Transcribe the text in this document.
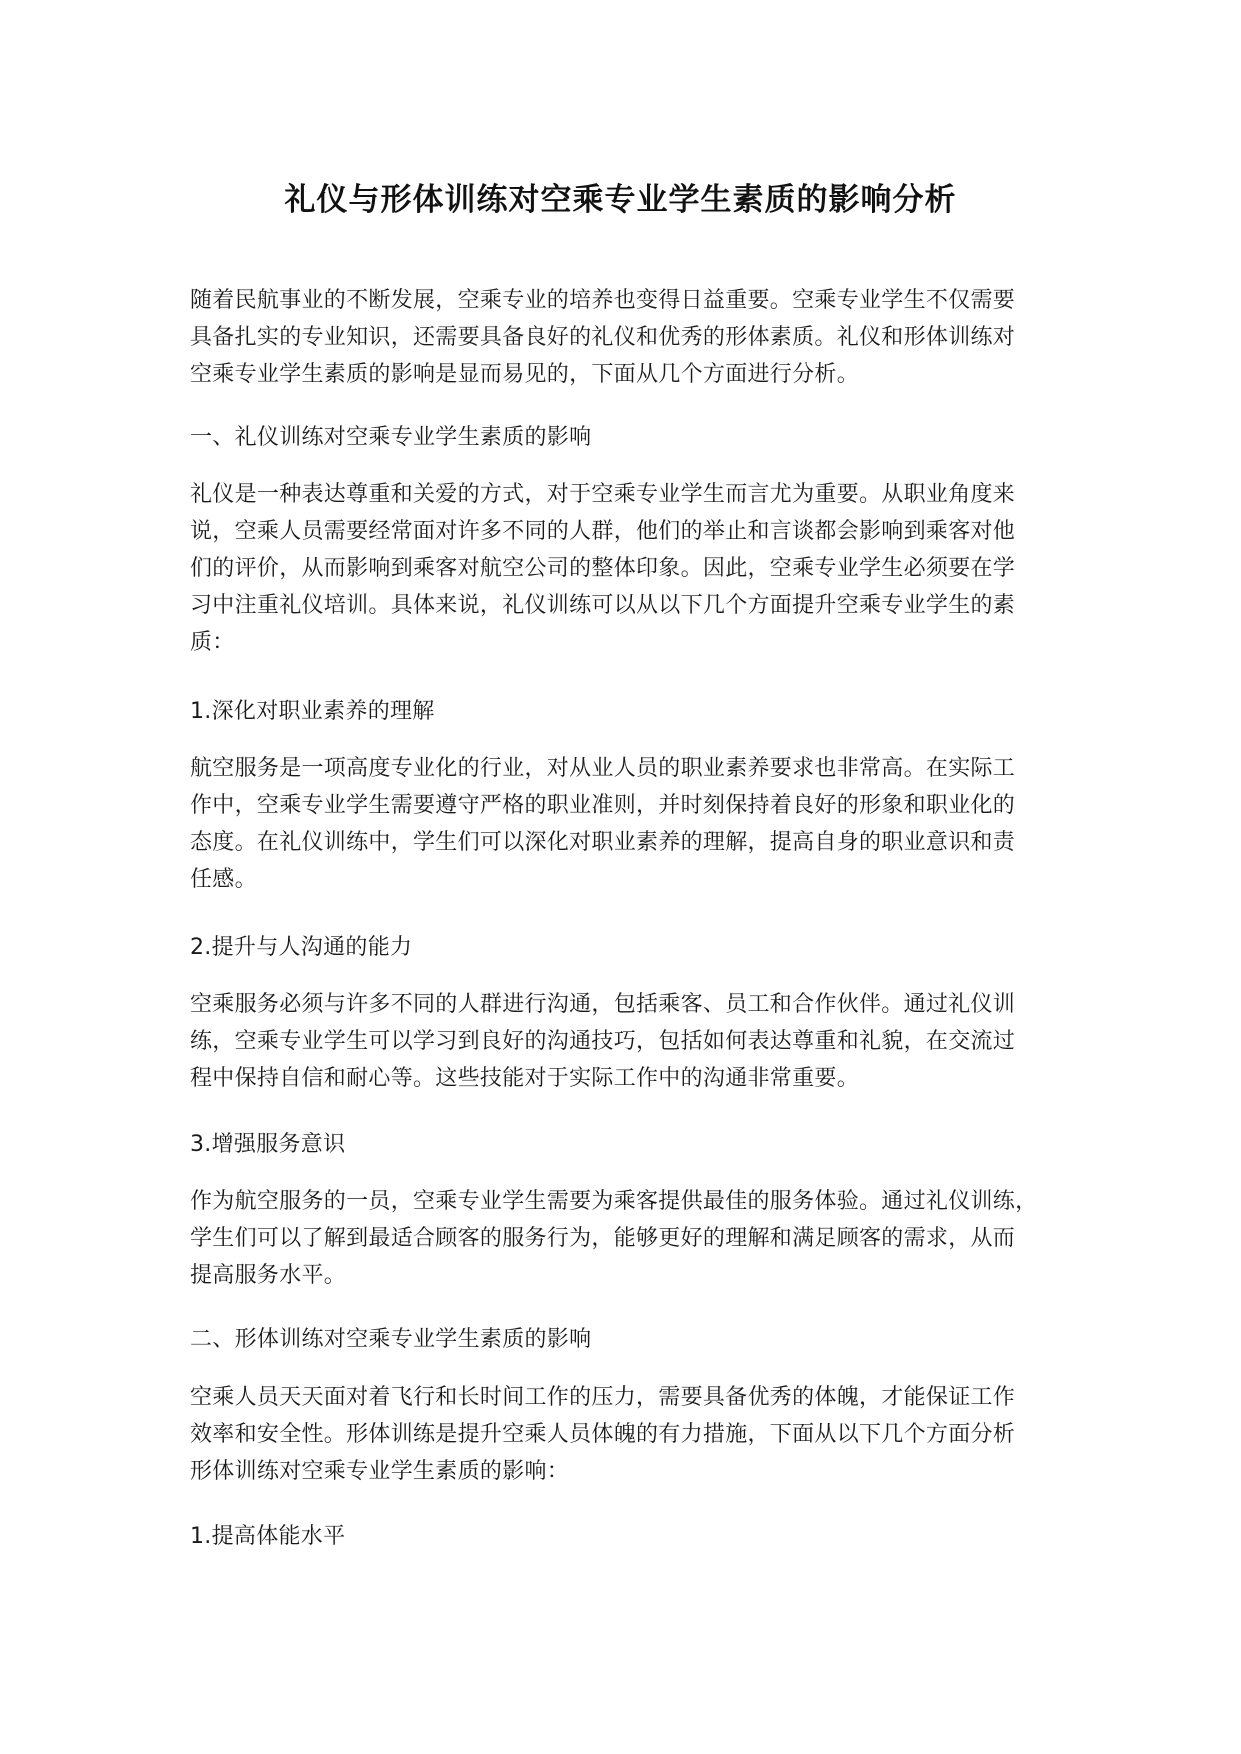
礼仪与形体训练对空乘专业学生素质的影响分析
随着民航事业的不断发展，空乘专业的培养也变得日益重要。空乘专业学生不仅需要
具备扎实的专业知识，还需要具备良好的礼仪和优秀的形体素质。礼仪和形体训练对
空乘专业学生素质的影响是显而易见的，下面从几个方面进行分析。
一、礼仪训练对空乘专业学生素质的影响
礼仪是一种表达尊重和关爱的方式，对于空乘专业学生而言尤为重要。从职业角度来
说，空乘人员需要经常面对许多不同的人群，他们的举止和言谈都会影响到乘客对他
们的评价，从而影响到乘客对航空公司的整体印象。因此，空乘专业学生必须要在学
习中注重礼仪培训。具体来说，礼仪训练可以从以下几个方面提升空乘专业学生的素
质：
1.深化对职业素养的理解
航空服务是一项高度专业化的行业，对从业人员的职业素养要求也非常高。在实际工
作中，空乘专业学生需要遵守严格的职业准则，并时刻保持着良好的形象和职业化的
态度。在礼仪训练中，学生们可以深化对职业素养的理解，提高自身的职业意识和责
任感。
2.提升与人沟通的能力
空乘服务必须与许多不同的人群进行沟通，包括乘客、员工和合作伙伴。通过礼仪训
练，空乘专业学生可以学习到良好的沟通技巧，包括如何表达尊重和礼貌，在交流过
程中保持自信和耐心等。这些技能对于实际工作中的沟通非常重要。
3.增强服务意识
作为航空服务的一员，空乘专业学生需要为乘客提供最佳的服务体验。通过礼仪训练，
学生们可以了解到最适合顾客的服务行为，能够更好的理解和满足顾客的需求，从而
提高服务水平。
二、形体训练对空乘专业学生素质的影响
空乘人员天天面对着飞行和长时间工作的压力，需要具备优秀的体魄，才能保证工作
效率和安全性。形体训练是提升空乘人员体魄的有力措施，下面从以下几个方面分析
形体训练对空乘专业学生素质的影响：
1.提高体能水平
